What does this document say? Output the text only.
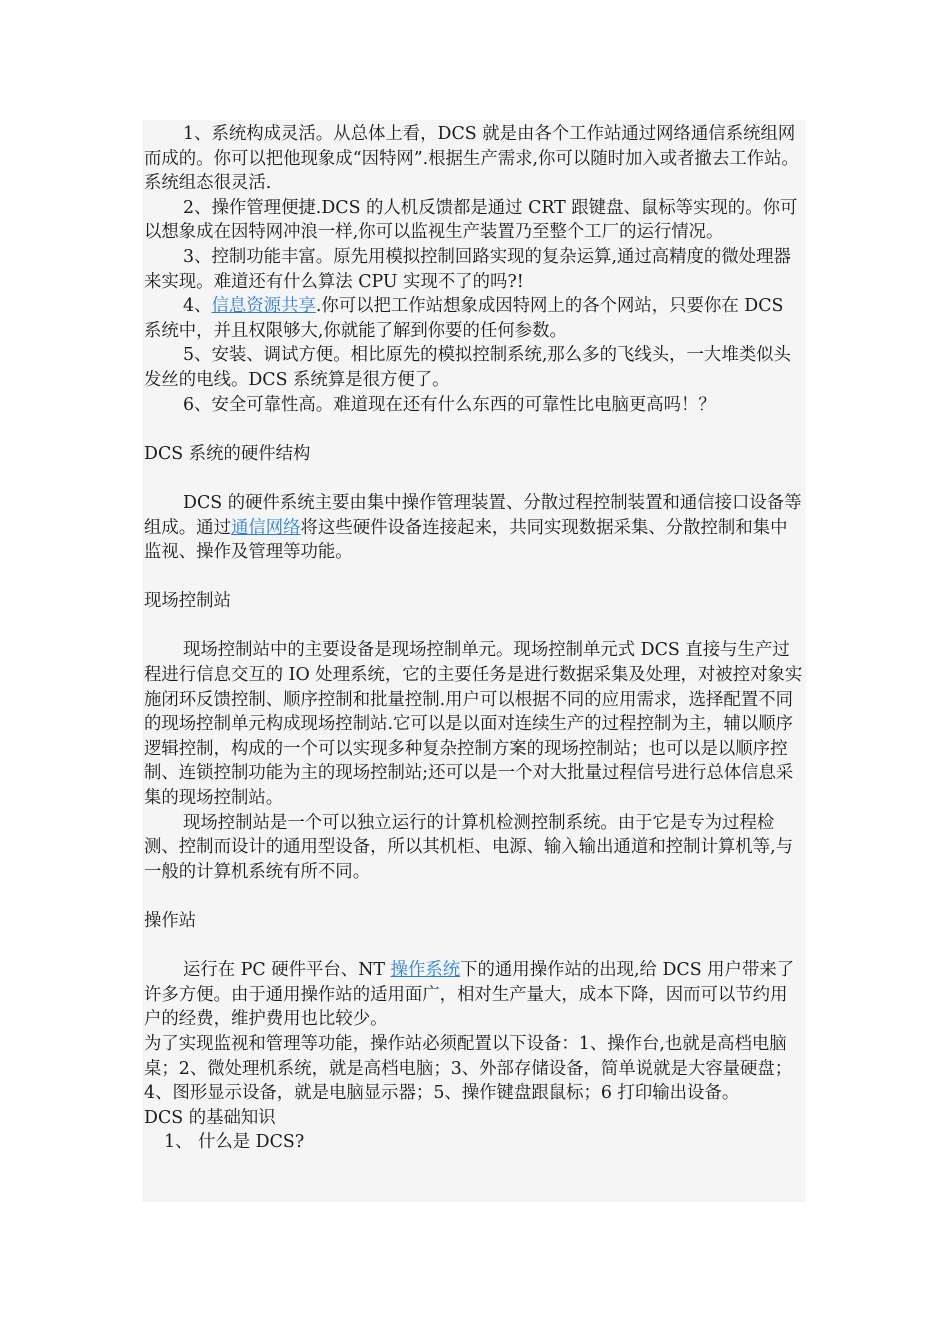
1、系统构成灵活。从总体上看，DCS 就是由各个工作站通过网络通信系统组网而成的。你可以把他现象成“因特网”.根据生产需求,你可以随时加入或者撤去工作站。系统组态很灵活.

2、操作管理便捷.DCS 的人机反馈都是通过 CRT 跟键盘、鼠标等实现的。你可以想象成在因特网冲浪一样,你可以监视生产装置乃至整个工厂的运行情况。

3、控制功能丰富。原先用模拟控制回路实现的复杂运算,通过高精度的微处理器来实现。难道还有什么算法 CPU 实现不了的吗?!

4、信息资源共享.你可以把工作站想象成因特网上的各个网站，只要你在 DCS 系统中，并且权限够大,你就能了解到你要的任何参数。

5、安装、调试方便。相比原先的模拟控制系统,那么多的飞线头，一大堆类似头发丝的电线。DCS 系统算是很方便了。

6、安全可靠性高。难道现在还有什么东西的可靠性比电脑更高吗！？

DCS 系统的硬件结构

DCS 的硬件系统主要由集中操作管理装置、分散过程控制装置和通信接口设备等组成。通过通信网络将这些硬件设备连接起来，共同实现数据采集、分散控制和集中监视、操作及管理等功能。

现场控制站

现场控制站中的主要设备是现场控制单元。现场控制单元式 DCS 直接与生产过程进行信息交互的 IO 处理系统，它的主要任务是进行数据采集及处理，对被控对象实施闭环反馈控制、顺序控制和批量控制.用户可以根据不同的应用需求，选择配置不同的现场控制单元构成现场控制站.它可以是以面对连续生产的过程控制为主，辅以顺序逻辑控制，构成的一个可以实现多种复杂控制方案的现场控制站；也可以是以顺序控制、连锁控制功能为主的现场控制站;还可以是一个对大批量过程信号进行总体信息采集的现场控制站。

现场控制站是一个可以独立运行的计算机检测控制系统。由于它是专为过程检测、控制而设计的通用型设备，所以其机柜、电源、输入输出通道和控制计算机等,与一般的计算机系统有所不同。

操作站

运行在 PC 硬件平台、NT 操作系统下的通用操作站的出现,给 DCS 用户带来了许多方便。由于通用操作站的适用面广，相对生产量大，成本下降，因而可以节约用户的经费，维护费用也比较少。

为了实现监视和管理等功能，操作站必须配置以下设备：1、操作台,也就是高档电脑桌；2、微处理机系统，就是高档电脑；3、外部存储设备，简单说就是大容量硬盘；4、图形显示设备，就是电脑显示器；5、操作键盘跟鼠标；6 打印输出设备。

DCS 的基础知识

1、 什么是 DCS?
